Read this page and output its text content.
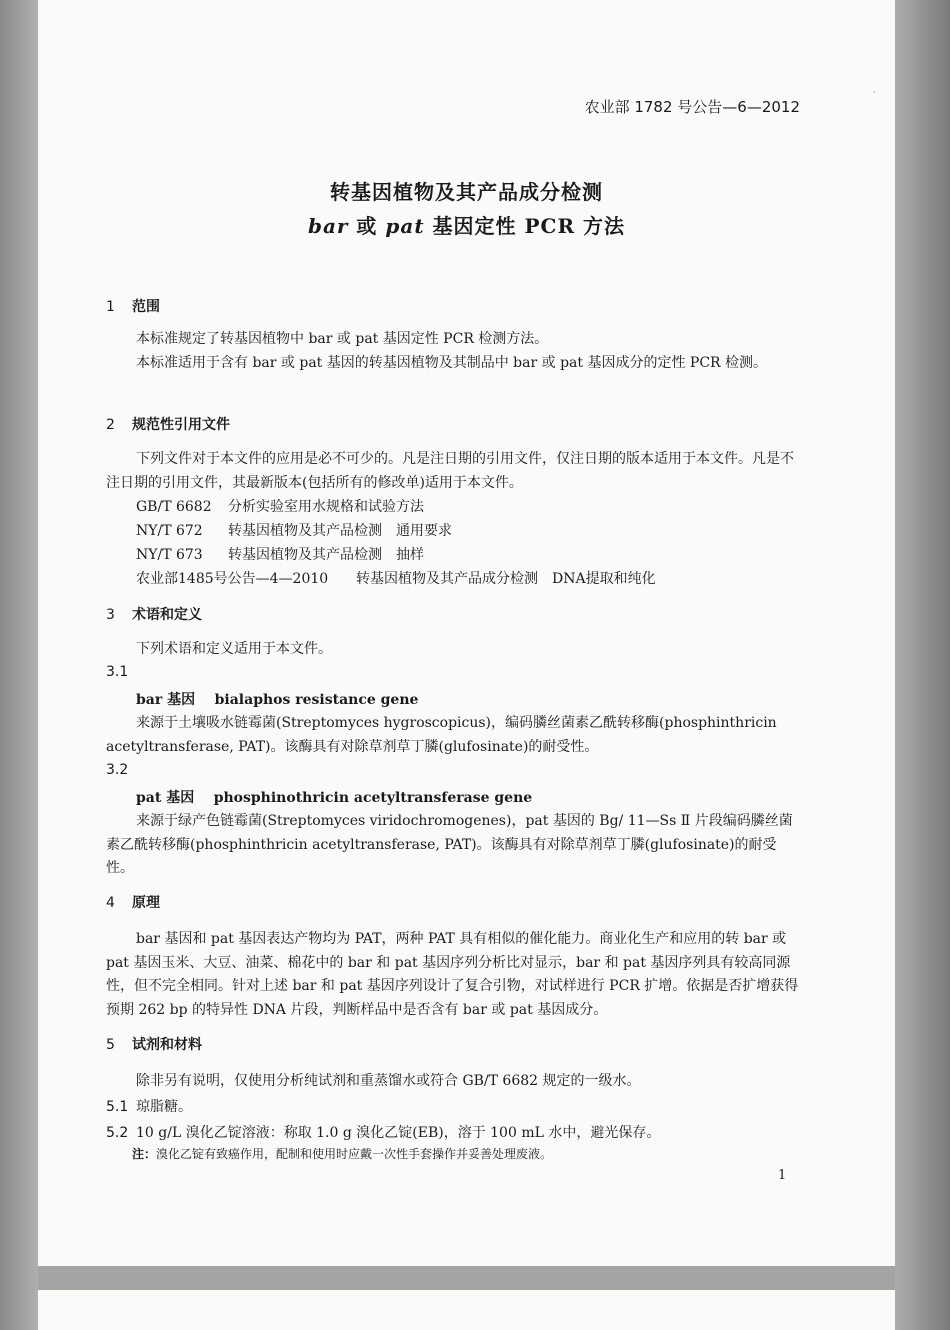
·
农业部 1782 号公告—6—2012
转基因植物及其产品成分检测
bar 或 pat 基因定性 PCR 方法
1 范围
本标准规定了转基因植物中 bar 或 pat 基因定性 PCR 检测方法。
本标准适用于含有 bar 或 pat 基因的转基因植物及其制品中 bar 或 pat 基因成分的定性 PCR 检测。
2 规范性引用文件
下列文件对于本文件的应用是必不可少的。凡是注日期的引用文件，仅注日期的版本适用于本文件。凡是不注日期的引用文件，其最新版本(包括所有的修改单)适用于本文件。
GB/T 6682 分析实验室用水规格和试验方法
NY/T 672 转基因植物及其产品检测　通用要求
NY/T 673 转基因植物及其产品检测　抽样
农业部1485号公告—4—2010 转基因植物及其产品成分检测　DNA提取和纯化
3 术语和定义
下列术语和定义适用于本文件。
3.1
bar 基因 bialaphos resistance gene
来源于土壤吸水链霉菌(Streptomyces hygroscopicus)，编码膦丝菌素乙酰转移酶(phosphinthricin acetyltransferase, PAT)。该酶具有对除草剂草丁膦(glufosinate)的耐受性。
3.2
pat 基因 phosphinothricin acetyltransferase gene
来源于绿产色链霉菌(Streptomyces viridochromogenes)，pat 基因的 Bg/ 11—Ss Ⅱ 片段编码膦丝菌素乙酰转移酶(phosphinthricin acetyltransferase, PAT)。该酶具有对除草剂草丁膦(glufosinate)的耐受性。
4 原理
bar 基因和 pat 基因表达产物均为 PAT，两种 PAT 具有相似的催化能力。商业化生产和应用的转 bar 或 pat 基因玉米、大豆、油菜、棉花中的 bar 和 pat 基因序列分析比对显示，bar 和 pat 基因序列具有较高同源性，但不完全相同。针对上述 bar 和 pat 基因序列设计了复合引物，对试样进行 PCR 扩增。依据是否扩增获得预期 262 bp 的特异性 DNA 片段，判断样品中是否含有 bar 或 pat 基因成分。
5 试剂和材料
除非另有说明，仅使用分析纯试剂和重蒸馏水或符合 GB/T 6682 规定的一级水。
5.1 琼脂糖。
5.2 10 g/L 溴化乙锭溶液：称取 1.0 g 溴化乙锭(EB)，溶于 100 mL 水中，避光保存。
注：溴化乙锭有致癌作用，配制和使用时应戴一次性手套操作并妥善处理废液。
1
